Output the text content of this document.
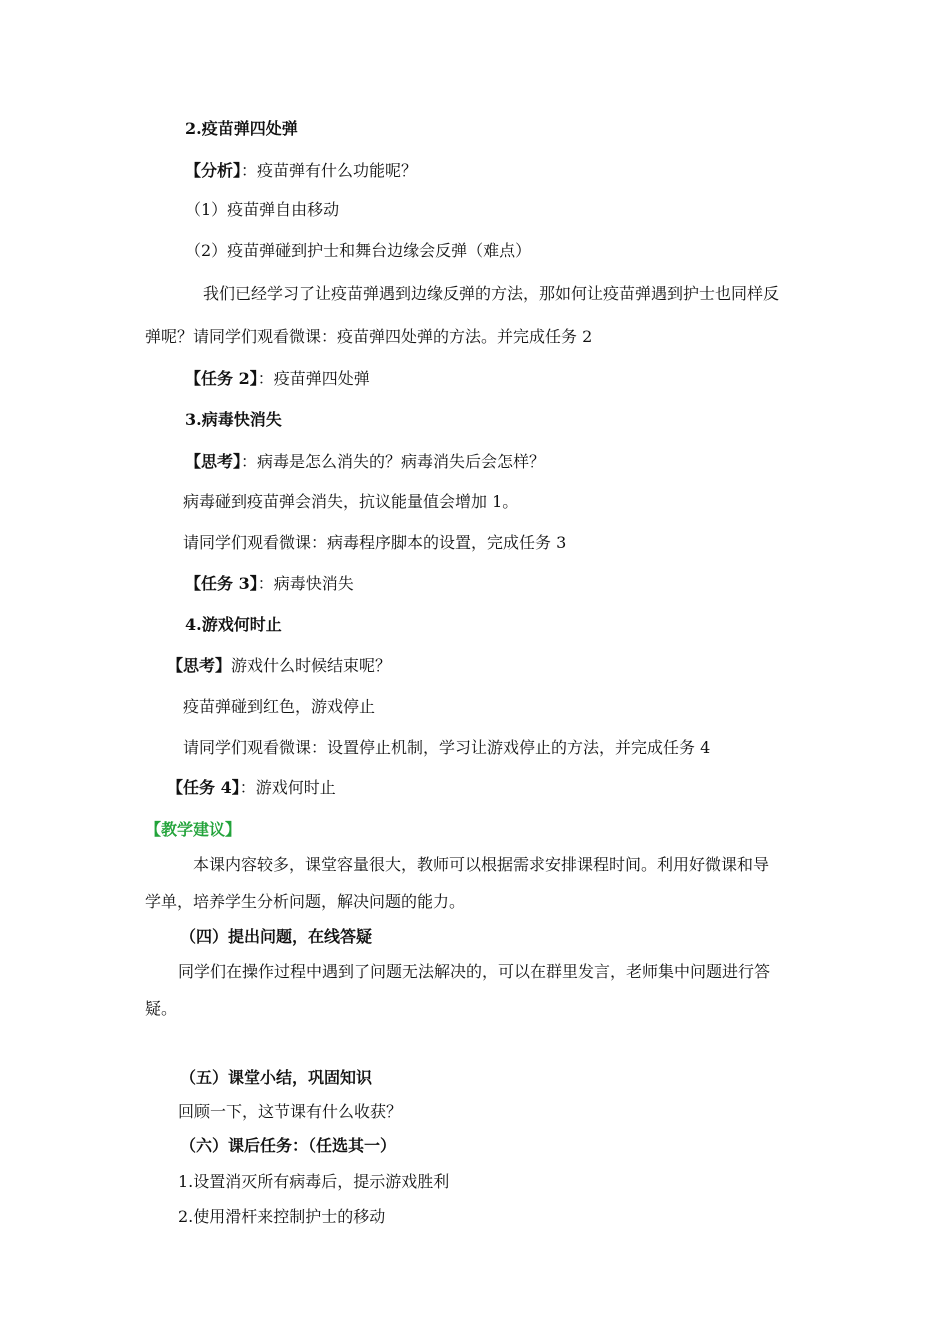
2.疫苗弹四处弹
【分析】：疫苗弹有什么功能呢？
（1）疫苗弹自由移动
（2）疫苗弹碰到护士和舞台边缘会反弹（难点）
我们已经学习了让疫苗弹遇到边缘反弹的方法，那如何让疫苗弹遇到护士也同样反
弹呢？请同学们观看微课：疫苗弹四处弹的方法。并完成任务 2
【任务 2】：疫苗弹四处弹
3.病毒快消失
【思考】：病毒是怎么消失的？病毒消失后会怎样？
病毒碰到疫苗弹会消失，抗议能量值会增加 1。
请同学们观看微课：病毒程序脚本的设置，完成任务 3
【任务 3】：病毒快消失
4.游戏何时止
【思考】游戏什么时候结束呢？
疫苗弹碰到红色，游戏停止
请同学们观看微课：设置停止机制，学习让游戏停止的方法，并完成任务 4
【任务 4】：游戏何时止
【教学建议】
本课内容较多，课堂容量很大，教师可以根据需求安排课程时间。利用好微课和导
学单，培养学生分析问题，解决问题的能力。
（四）提出问题，在线答疑
同学们在操作过程中遇到了问题无法解决的，可以在群里发言，老师集中问题进行答
疑。
（五）课堂小结，巩固知识
回顾一下，这节课有什么收获？
（六）课后任务：（任选其一）
1.设置消灭所有病毒后，提示游戏胜利
2.使用滑杆来控制护士的移动
